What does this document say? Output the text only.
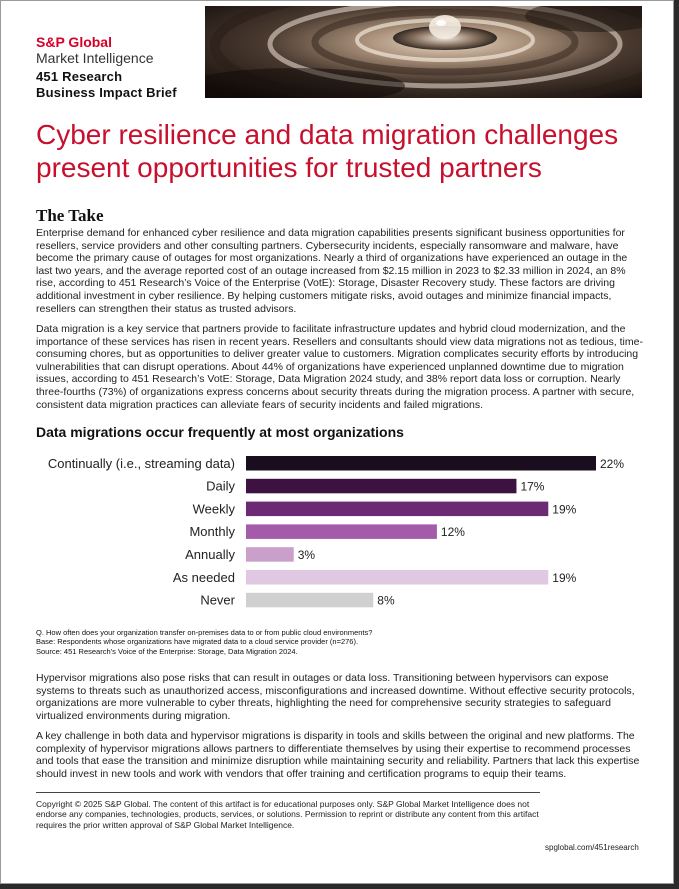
S&P Global
Market Intelligence
451 Research
Business Impact Brief
Cyber resilience and data migration challenges present opportunities for trusted partners
The Take
Enterprise demand for enhanced cyber resilience and data migration capabilities presents significant business opportunities for resellers, service providers and other consulting partners. Cybersecurity incidents, especially ransomware and malware, have become the primary cause of outages for most organizations. Nearly a third of organizations have experienced an outage in the last two years, and the average reported cost of an outage increased from $2.15 million in 2023 to $2.33 million in 2024, an 8% rise, according to 451 Research’s Voice of the Enterprise (VotE): Storage, Disaster Recovery study. These factors are driving additional investment in cyber resilience. By helping customers mitigate risks, avoid outages and minimize financial impacts, resellers can strengthen their status as trusted advisors.
Data migration is a key service that partners provide to facilitate infrastructure updates and hybrid cloud modernization, and the importance of these services has risen in recent years. Resellers and consultants should view data migrations not as tedious, time-consuming chores, but as opportunities to deliver greater value to customers. Migration complicates security efforts by introducing vulnerabilities that can disrupt operations. About 44% of organizations have experienced unplanned downtime due to migration issues, according to 451 Research’s VotE: Storage, Data Migration 2024 study, and 38% report data loss or corruption. Nearly three-fourths (73%) of organizations express concerns about security threats during the migration process. A partner with secure, consistent data migration practices can alleviate fears of security incidents and failed migrations.
Data migrations occur frequently at most organizations
Continually (i.e., streaming data)	22%
Daily	17%
Weekly	19%
Monthly	12%
Annually	3%
As needed	19%
Never	8%
Q. How often does your organization transfer on-premises data to or from public cloud environments?
Base: Respondents whose organizations have migrated data to a cloud service provider (n=276).
Source: 451 Research’s Voice of the Enterprise: Storage, Data Migration 2024.
Hypervisor migrations also pose risks that can result in outages or data loss. Transitioning between hypervisors can expose systems to threats such as unauthorized access, misconfigurations and increased downtime. Without effective security protocols, organizations are more vulnerable to cyber threats, highlighting the need for comprehensive security strategies to safeguard virtualized environments during migration.
A key challenge in both data and hypervisor migrations is disparity in tools and skills between the original and new platforms. The complexity of hypervisor migrations allows partners to differentiate themselves by using their expertise to recommend processes and tools that ease the transition and minimize disruption while maintaining security and reliability. Partners that lack this expertise should invest in new tools and work with vendors that offer training and certification programs to equip their teams.
Copyright © 2025 S&P Global. The content of this artifact is for educational purposes only. S&P Global Market Intelligence does not endorse any companies, technologies, products, services, or solutions. Permission to reprint or distribute any content from this artifact requires the prior written approval of S&P Global Market Intelligence.
spglobal.com/451research
